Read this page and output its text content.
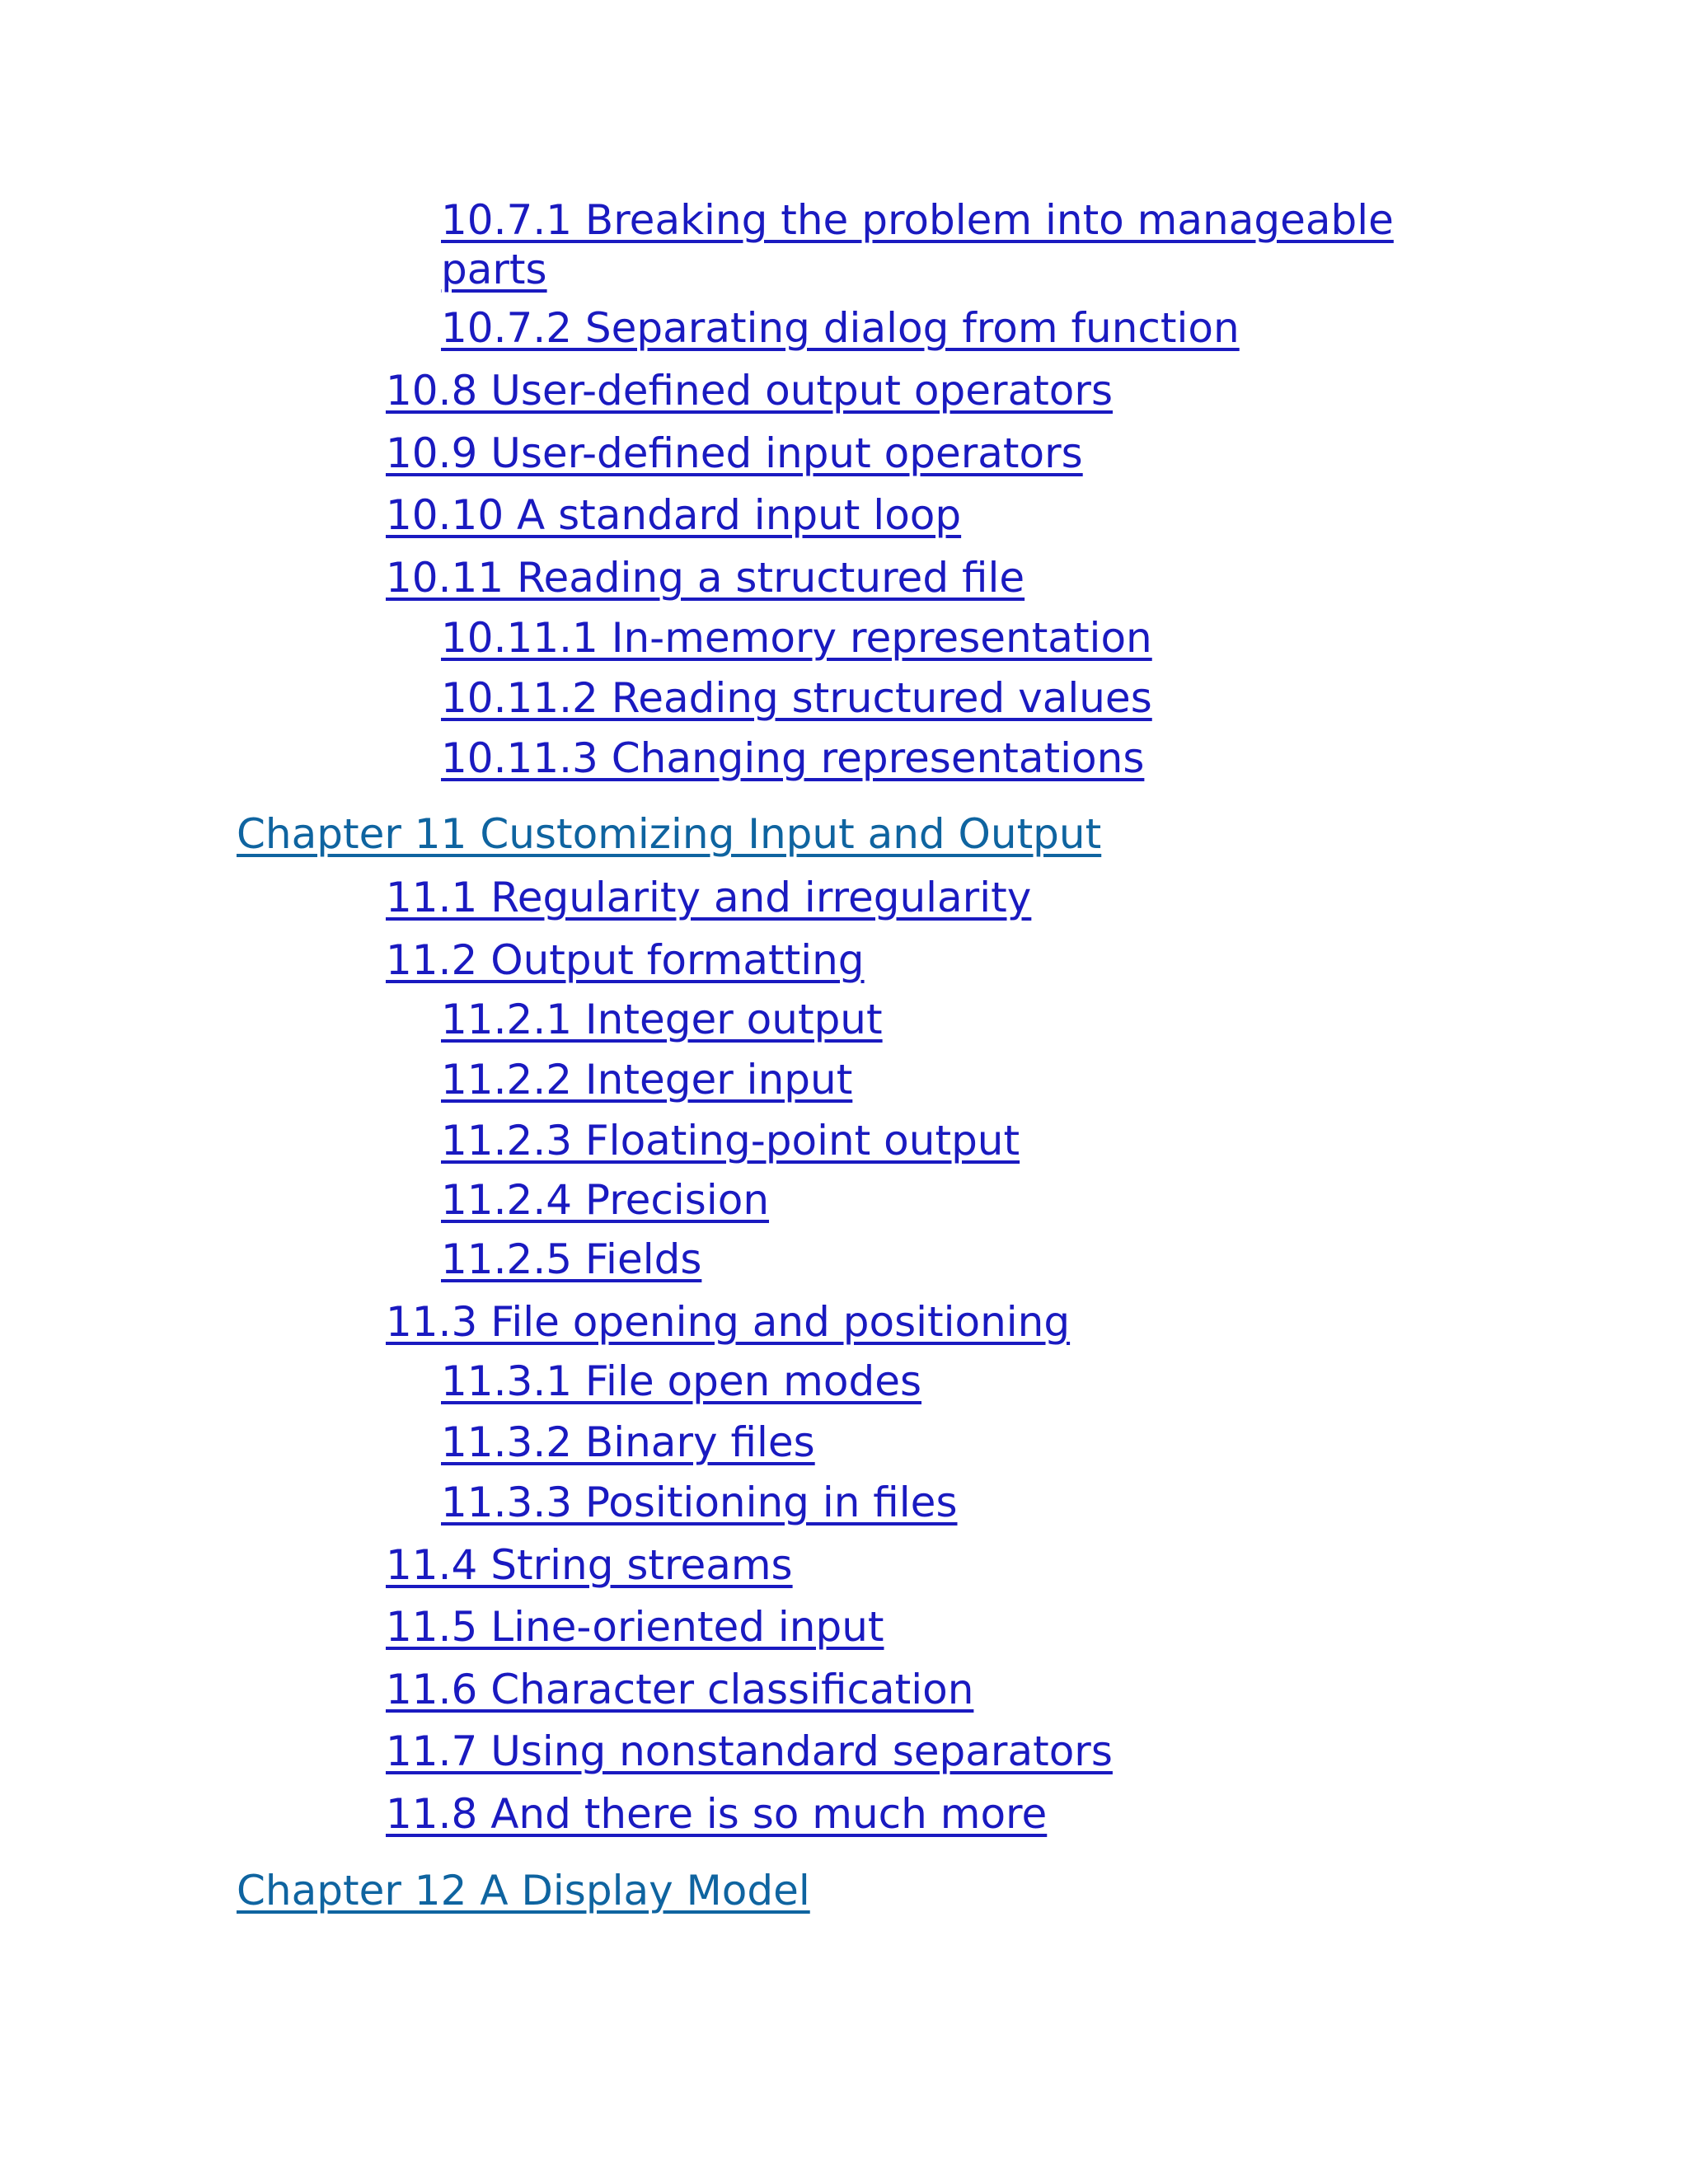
10.7.1 Breaking the problem into manageable parts
10.7.2 Separating dialog from function
10.8 User-defined output operators
10.9 User-defined input operators
10.10 A standard input loop
10.11 Reading a structured file
10.11.1 In-memory representation
10.11.2 Reading structured values
10.11.3 Changing representations
Chapter 11 Customizing Input and Output
11.1 Regularity and irregularity
11.2 Output formatting
11.2.1 Integer output
11.2.2 Integer input
11.2.3 Floating-point output
11.2.4 Precision
11.2.5 Fields
11.3 File opening and positioning
11.3.1 File open modes
11.3.2 Binary files
11.3.3 Positioning in files
11.4 String streams
11.5 Line-oriented input
11.6 Character classification
11.7 Using nonstandard separators
11.8 And there is so much more
Chapter 12 A Display Model
